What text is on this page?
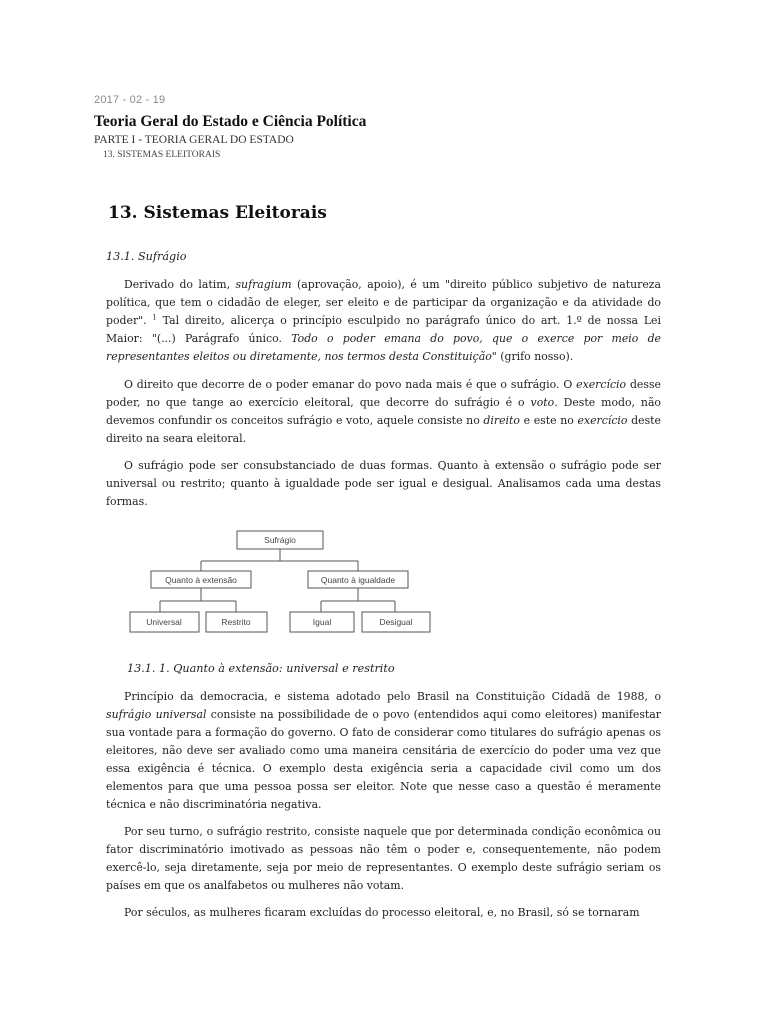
2017 - 02 - 19
Teoria Geral do Estado e Ciência Política
PARTE I - TEORIA GERAL DO ESTADO
13. SISTEMAS ELEITORAIS
13. Sistemas Eleitorais
13.1. Sufrágio

Derivado do latim, sufragium (aprovação, apoio), é um "direito público subjetivo de natureza política, que tem o cidadão de eleger, ser eleito e de participar da organização e da atividade do poder". $^1$ Tal direito, alicerça o princípio esculpido no parágrafo único do art. 1.º de nossa Lei Maior: "(...) Parágrafo único. Todo o poder emana do povo, que o exerce por meio de representantes eleitos ou diretamente, nos termos desta Constituição" (grifo nosso).

O direito que decorre de o poder emanar do povo nada mais é que o sufrágio. O exercício desse poder, no que tange ao exercício eleitoral, que decorre do sufrágio é o voto. Deste modo, não devemos confundir os conceitos sufrágio e voto, aquele consiste no direito e este no exercício deste direito na seara eleitoral.

O sufrágio pode ser consubstanciado de duas formas. Quanto à extensão o sufrágio pode ser universal ou restrito; quanto à igualdade pode ser igual e desigual. Analisamos cada uma destas formas.

Sufrágio
Quanto à extensão	Quanto à igualdade
Universal	Restrito	Igual	Desigual
13.1. 1. Quanto à extensão: universal e restrito

Princípio da democracia, e sistema adotado pelo Brasil na Constituição Cidadã de 1988, o sufrágio universal consiste na possibilidade de o povo (entendidos aqui como eleitores) manifestar sua vontade para a formação do governo. O fato de considerar como titulares do sufrágio apenas os eleitores, não deve ser avaliado como uma maneira censitária de exercício do poder uma vez que essa exigência é técnica. O exemplo desta exigência seria a capacidade civil como um dos elementos para que uma pessoa possa ser eleitor. Note que nesse caso a questão é meramente técnica e não discriminatória negativa.

Por seu turno, o sufrágio restrito, consiste naquele que por determinada condição econômica ou fator discriminatório imotivado as pessoas não têm o poder e, consequentemente, não podem exercê-lo, seja diretamente, seja por meio de representantes. O exemplo deste sufrágio seriam os países em que os analfabetos ou mulheres não votam.

Por séculos, as mulheres ficaram excluídas do processo eleitoral, e, no Brasil, só se tornaram
